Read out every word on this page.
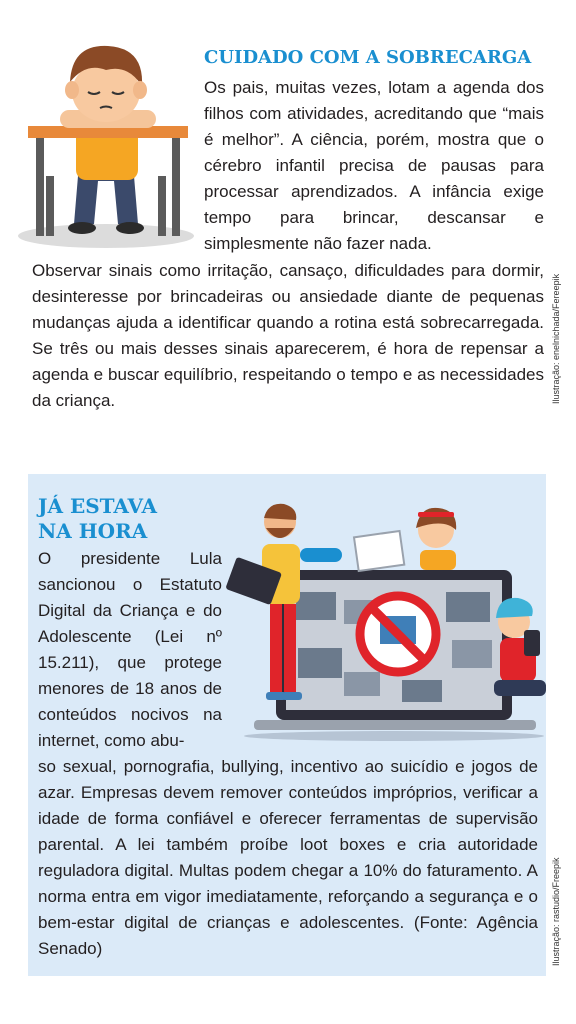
CUIDADO COM A SOBRECARGA

Os pais, muitas vezes, lotam a agenda dos filhos com atividades, acreditando que “mais é melhor”. A ciência, porém, mostra que o cérebro infantil precisa de pausas para processar aprendizados. A infância exige tempo para brincar, descansar e simplesmente não fazer nada.

Observar sinais como irritação, cansaço, dificuldades para dormir, desinteresse por brincadeiras ou ansiedade diante de pequenas mudanças ajuda a identificar quando a rotina está sobrecarregada. Se três ou mais desses sinais aparecerem, é hora de repensar a agenda e buscar equilíbrio, respeitando o tempo e as necessidades da criança.	Ilustração: enelnichada/Fereepik
JÁ ESTAVA
NA HORA

O presidente Lula sancionou o Estatuto Digital da Criança e do Adolescente (Lei nº 15.211), que protege menores de 18 anos de conteúdos nocivos na internet, como abu-

so sexual, pornografia, bullying, incentivo ao suicídio e jogos de azar. Empresas devem remover conteúdos impróprios, verificar a idade de forma confiável e oferecer ferramentas de supervisão parental. A lei também proíbe loot boxes e cria autoridade reguladora digital. Multas podem chegar a 10% do faturamento. A norma entra em vigor imediatamente, reforçando a segurança e o bem-estar digital de crianças e adolescentes. (Fonte: Agência Senado)	Ilustração: rastudio/Freepik
